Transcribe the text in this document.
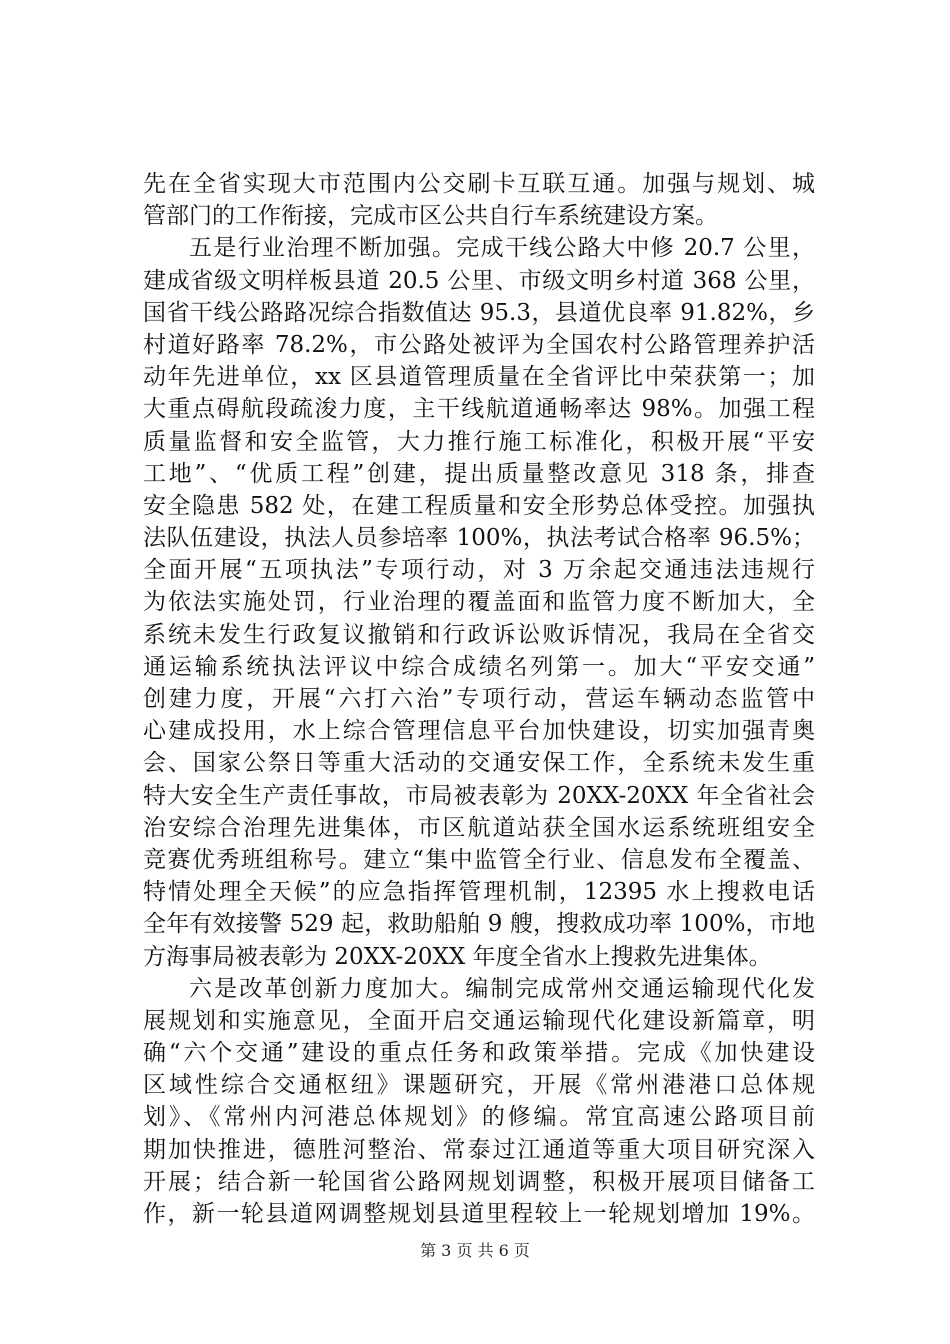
先在全省实现大市范围内公交刷卡互联互通。加强与规划、城
管部门的工作衔接，完成市区公共自行车系统建设方案。
五是行业治理不断加强。完成干线公路大中修 20.7 公里，
建成省级文明样板县道 20.5 公里、市级文明乡村道 368 公里，
国省干线公路路况综合指数值达 95.3，县道优良率 91.82%，乡
村道好路率 78.2%，市公路处被评为全国农村公路管理养护活
动年先进单位，xx 区县道管理质量在全省评比中荣获第一；加
大重点碍航段疏浚力度，主干线航道通畅率达 98%。加强工程
质量监督和安全监管，大力推行施工标准化，积极开展“平安
工地”、“优质工程”创建，提出质量整改意见 318 条，排查
安全隐患 582 处，在建工程质量和安全形势总体受控。加强执
法队伍建设，执法人员参培率 100%，执法考试合格率 96.5%；
全面开展“五项执法”专项行动，对 3 万余起交通违法违规行
为依法实施处罚，行业治理的覆盖面和监管力度不断加大，全
系统未发生行政复议撤销和行政诉讼败诉情况，我局在全省交
通运输系统执法评议中综合成绩名列第一。加大“平安交通”
创建力度，开展“六打六治”专项行动，营运车辆动态监管中
心建成投用，水上综合管理信息平台加快建设，切实加强青奥
会、国家公祭日等重大活动的交通安保工作，全系统未发生重
特大安全生产责任事故，市局被表彰为 20XX-20XX 年全省社会
治安综合治理先进集体，市区航道站获全国水运系统班组安全
竞赛优秀班组称号。建立“集中监管全行业、信息发布全覆盖、
特情处理全天候”的应急指挥管理机制，12395 水上搜救电话
全年有效接警 529 起，救助船舶 9 艘，搜救成功率 100%，市地
方海事局被表彰为 20XX-20XX 年度全省水上搜救先进集体。
六是改革创新力度加大。编制完成常州交通运输现代化发
展规划和实施意见，全面开启交通运输现代化建设新篇章，明
确“六个交通”建设的重点任务和政策举措。完成《加快建设
区域性综合交通枢纽》课题研究，开展《常州港港口总体规
划》、《常州内河港总体规划》的修编。常宜高速公路项目前
期加快推进，德胜河整治、常泰过江通道等重大项目研究深入
开展；结合新一轮国省公路网规划调整，积极开展项目储备工
作，新一轮县道网调整规划县道里程较上一轮规划增加 19%。
第 3 页 共 6 页
